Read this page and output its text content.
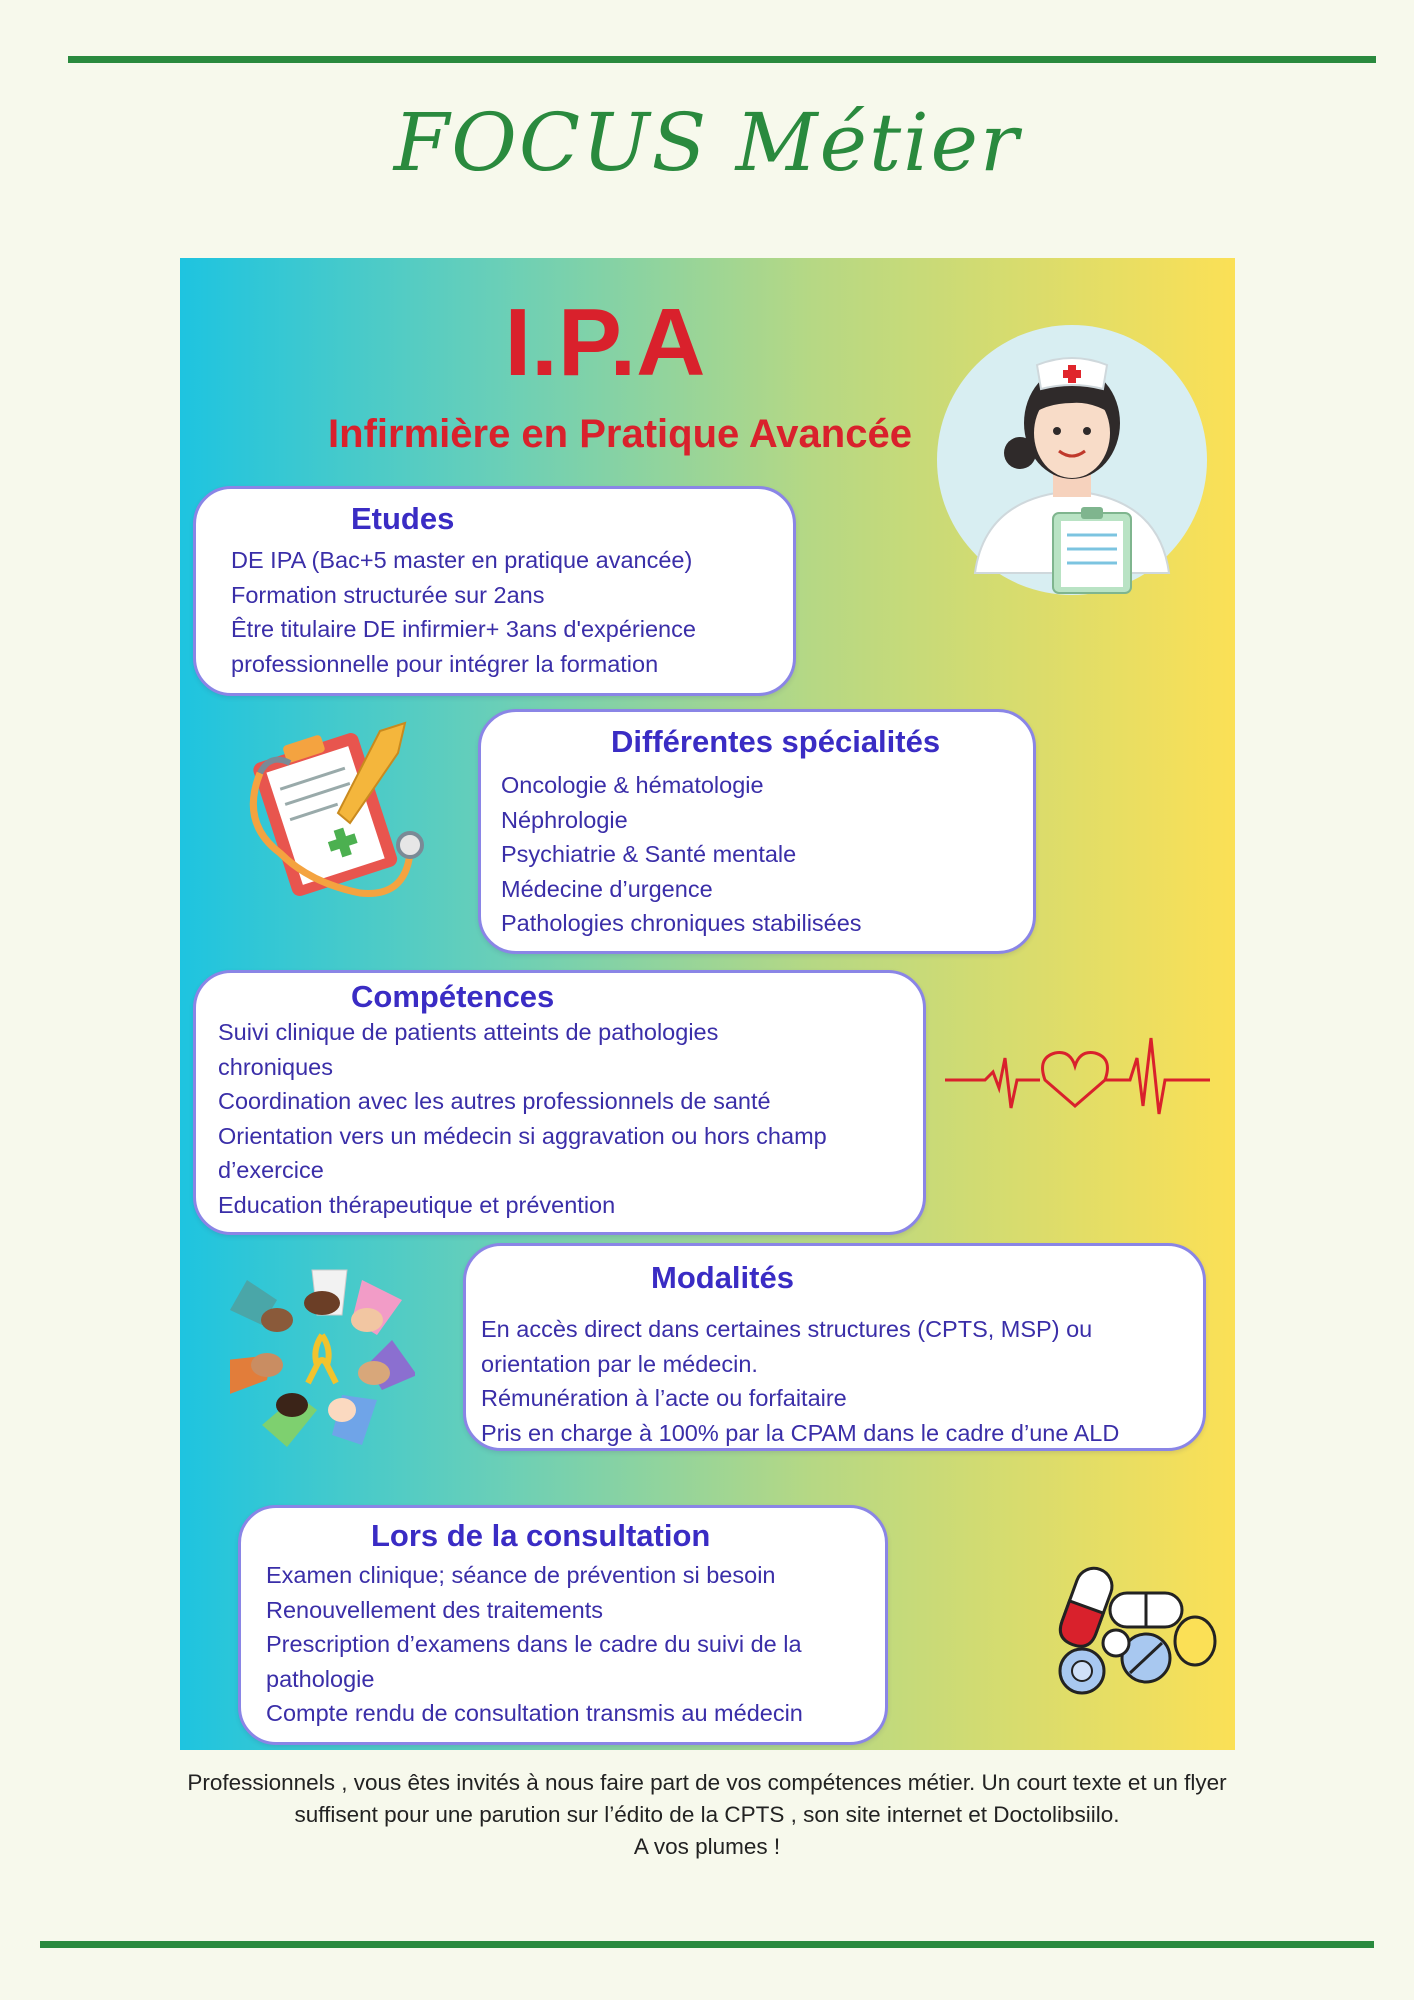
FOCUS Métier
I.P.A
Infirmière en Pratique Avancée
Etudes
DE IPA (Bac+5 master en pratique avancée)
Formation structurée sur 2ans
Être titulaire DE infirmier+ 3ans d'expérience
professionnelle pour intégrer la formation
Différentes spécialités
Oncologie & hématologie
Néphrologie
Psychiatrie & Santé mentale
Médecine d’urgence
Pathologies chroniques stabilisées
Compétences
Suivi clinique de patients atteints de pathologies
chroniques
Coordination avec les autres professionnels de santé
Orientation vers un médecin si aggravation ou hors champ
d’exercice
Education thérapeutique et prévention
Modalités
En accès direct dans certaines structures (CPTS, MSP) ou
orientation par le médecin.
Rémunération à l’acte ou forfaitaire
Pris en charge à 100% par la CPAM dans le cadre d’une ALD
Lors de la consultation
Examen clinique; séance de prévention si besoin
Renouvellement des traitements
Prescription d’examens dans le cadre du suivi de la
pathologie
Compte rendu de consultation transmis au médecin
Professionnels , vous êtes invités à nous faire part de vos compétences métier. Un court texte et un flyer
suffisent pour une parution sur l’édito de la CPTS , son site internet et Doctolibsiilo.
A vos plumes !
